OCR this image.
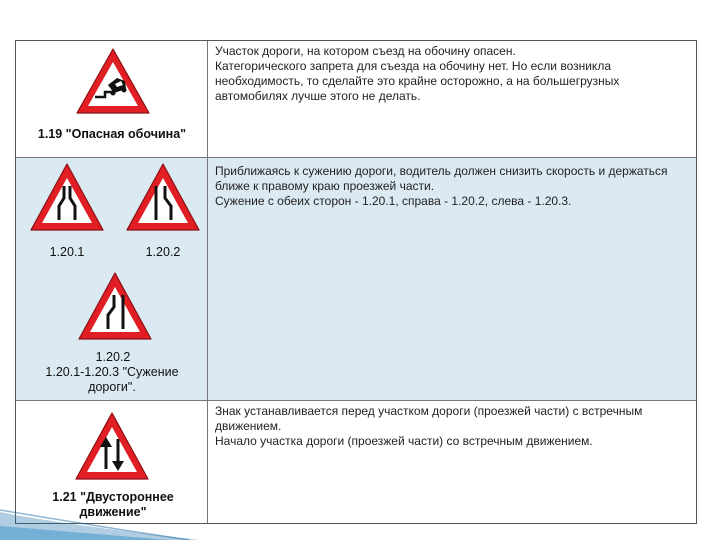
1.19 "Опасная обочина"
Участок дороги, на котором съезд на обочину опасен.
Категорического запрета для съезда на обочину нет. Но если возникла необходимость, то сделайте это крайне осторожно, а на большегрузных автомобилях лучше этого не делать.
1.20.1	1.20.2
1.20.2
1.20.1-1.20.3 "Сужение дороги".
Приближаясь к сужению дороги, водитель должен снизить скорость и держаться ближе к правому краю проезжей части.
Сужение с обеих сторон - 1.20.1, справа - 1.20.2, слева - 1.20.3.
1.21 "Двустороннее движение"
Знак устанавливается перед участком дороги (проезжей части) с встречным движением.
Начало участка дороги (проезжей части) со встречным движением.
